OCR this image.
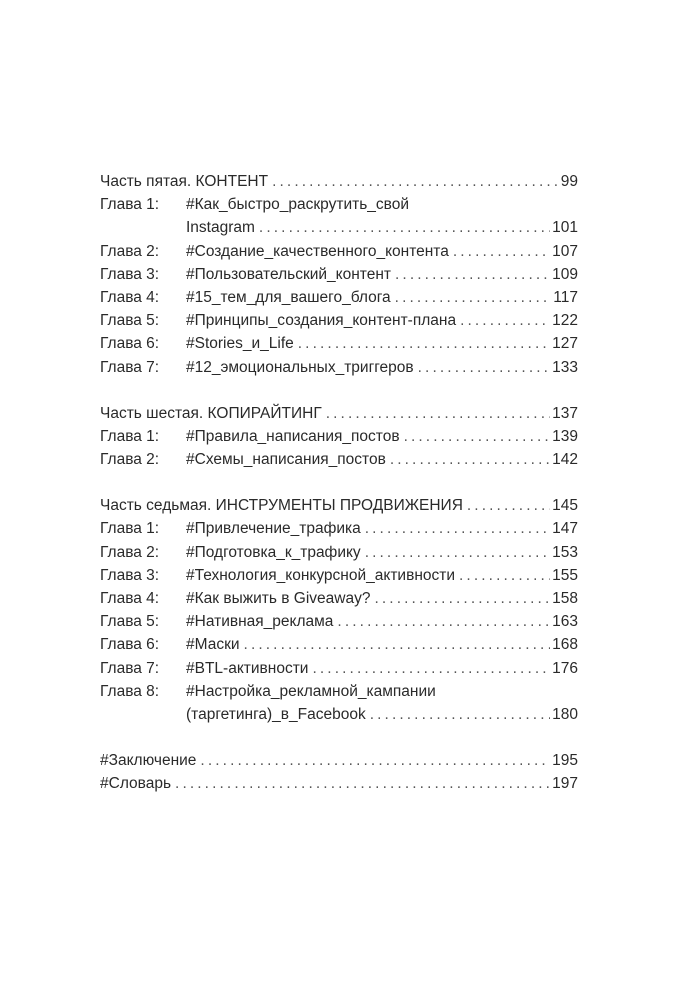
Часть пятая. КОНТЕНТ . . .	99
Глава 1:	#Как_быстро_раскрутить_свой
Instagram . . .	101
Глава 2:	#Создание_качественного_контента . . .	107
Глава 3:	#Пользовательский_контент . . .	109
Глава 4:	#15_тем_для_вашего_блога . . .	117
Глава 5:	#Принципы_создания_контент-плана . . .	122
Глава 6:	#Stories_и_Life . . .	127
Глава 7:	#12_эмоциональных_триггеров . . .	133
Часть шестая. КОПИРАЙТИНГ . . .	137
Глава 1:	#Правила_написания_постов . . .	139
Глава 2:	#Схемы_написания_постов . . .	142
Часть седьмая. ИНСТРУМЕНТЫ ПРОДВИЖЕНИЯ . . .	145
Глава 1:	#Привлечение_трафика . . .	147
Глава 2:	#Подготовка_к_трафику . . .	153
Глава 3:	#Технология_конкурсной_активности . . .	155
Глава 4:	#Как выжить в Giveaway? . . .	158
Глава 5:	#Нативная_реклама . . .	163
Глава 6:	#Маски . . .	168
Глава 7:	#BTL-активности . . .	176
Глава 8:	#Настройка_рекламной_кампании
(таргетинга)_в_Facebook . . .	180
#Заключение . . .	195
#Словарь . . .	197
